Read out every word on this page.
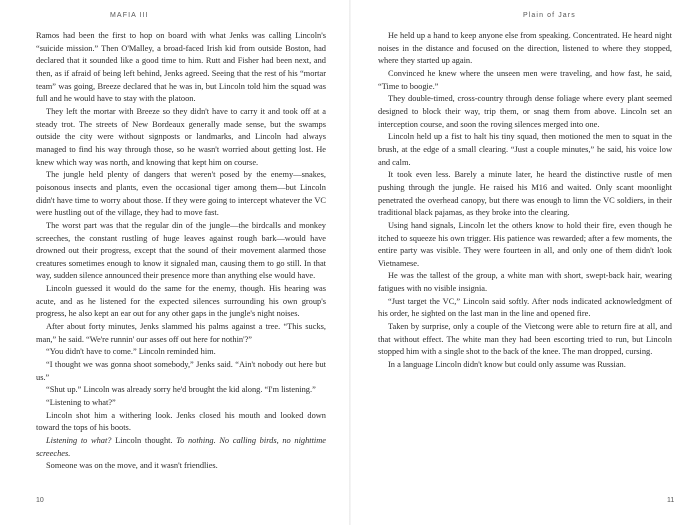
MAFIA III

Ramos had been the first to hop on board with what Jenks was calling Lincoln's “suicide mission.” Then O'Malley, a broad-faced Irish kid from outside Boston, had declared that it sounded like a good time to him. Rutt and Fisher had been next, and then, as if afraid of being left behind, Jenks agreed. Seeing that the rest of his “mortar team” was going, Breeze declared that he was in, but Lincoln told him the squad was full and he would have to stay with the platoon.

They left the mortar with Breeze so they didn't have to carry it and took off at a steady trot. The streets of New Bordeaux generally made sense, but the swamps outside the city were without signposts or landmarks, and Lincoln had always managed to find his way through those, so he wasn't worried about getting lost. He knew which way was north, and knowing that kept him on course.

The jungle held plenty of dangers that weren't posed by the enemy—snakes, poisonous insects and plants, even the occasional tiger among them—but Lincoln didn't have time to worry about those. If they were going to intercept whatever the VC were hustling out of the village, they had to move fast.

The worst part was that the regular din of the jungle—the birdcalls and monkey screeches, the constant rustling of huge leaves against rough bark—would have drowned out their progress, except that the sound of their movement alarmed those creatures sometimes enough to know it signaled man, causing them to go still. In that way, sudden silence announced their presence more than anything else would have.

Lincoln guessed it would do the same for the enemy, though. His hearing was acute, and as he listened for the expected silences surrounding his own group's progress, he also kept an ear out for any other gaps in the jungle's night noises.

After about forty minutes, Jenks slammed his palms against a tree. “This sucks, man,” he said. “We're runnin' our asses off out here for nothin'?”

“You didn't have to come.” Lincoln reminded him.

“I thought we was gonna shoot somebody,” Jenks said. “Ain't nobody out here but us.”

“Shut up.” Lincoln was already sorry he'd brought the kid along. “I'm listening.”

“Listening to what?”

Lincoln shot him a withering look. Jenks closed his mouth and looked down toward the tops of his boots.

Listening to what? Lincoln thought. To nothing. No calling birds, no nighttime screeches.

Someone was on the move, and it wasn't friendlies.

10
Plain of Jars

He held up a hand to keep anyone else from speaking. Concentrated. He heard night noises in the distance and focused on the direction, listened to where they stopped, where they started up again.

Convinced he knew where the unseen men were traveling, and how fast, he said, “Time to boogie.”

They double-timed, cross-country through dense foliage where every plant seemed designed to block their way, trip them, or snag them from above. Lincoln set an interception course, and soon the roving silences merged into one.

Lincoln held up a fist to halt his tiny squad, then motioned the men to squat in the brush, at the edge of a small clearing. “Just a couple minutes,” he said, his voice low and calm.

It took even less. Barely a minute later, he heard the distinctive rustle of men pushing through the jungle. He raised his M16 and waited. Only scant moonlight penetrated the overhead canopy, but there was enough to limn the VC soldiers, in their traditional black pajamas, as they broke into the clearing.

Using hand signals, Lincoln let the others know to hold their fire, even though he itched to squeeze his own trigger. His patience was rewarded; after a few moments, the entire party was visible. They were fourteen in all, and only one of them didn't look Vietnamese.

He was the tallest of the group, a white man with short, swept-back hair, wearing fatigues with no visible insignia.

“Just target the VC,” Lincoln said softly. After nods indicated acknowledgment of his order, he sighted on the last man in the line and opened fire.

Taken by surprise, only a couple of the Vietcong were able to return fire at all, and that without effect. The white man they had been escorting tried to run, but Lincoln stopped him with a single shot to the back of the knee. The man dropped, cursing.

In a language Lincoln didn't know but could only assume was Russian.

11
